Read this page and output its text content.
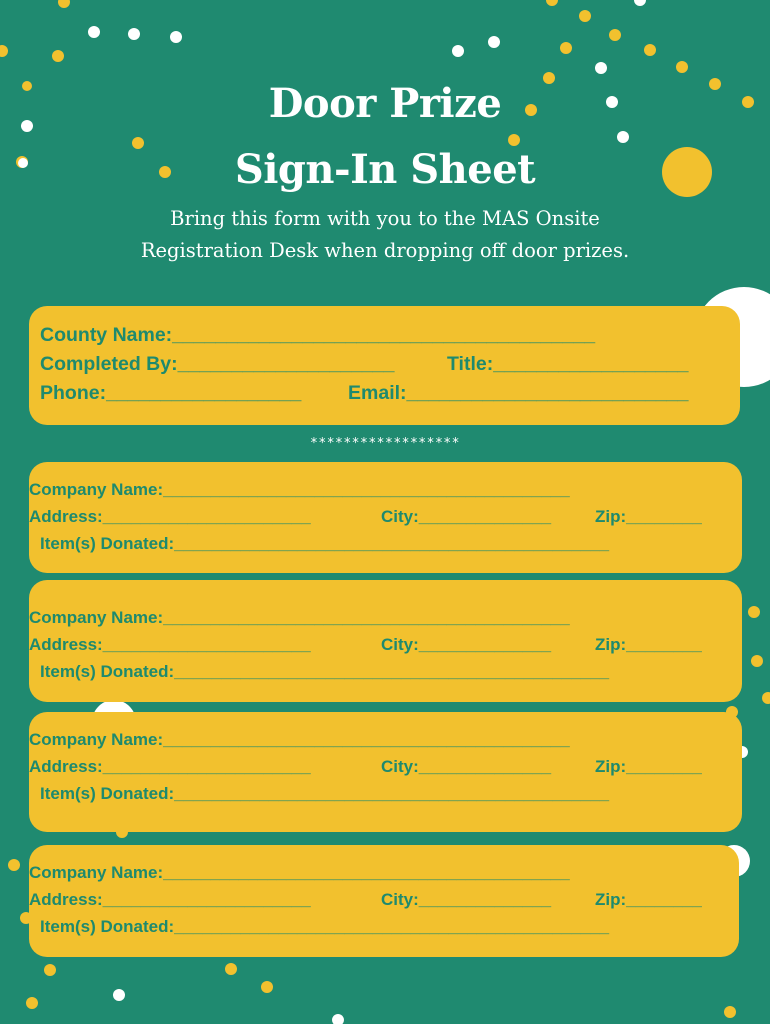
Door Prize
Sign-In Sheet
Bring this form with you to the MAS Onsite Registration Desk when dropping off door prizes.
County Name:_______________________________________
Completed By:____________________	Title:__________________
Phone:__________________	Email:__________________________
******************
Company Name:___________________________________________
Address:______________________	City:______________	Zip:________
Item(s) Donated:______________________________________________
Company Name:___________________________________________
Address:______________________	City:______________	Zip:________
Item(s) Donated:______________________________________________
Company Name:___________________________________________
Address:______________________	City:______________	Zip:________
Item(s) Donated:______________________________________________
Company Name:___________________________________________
Address:______________________	City:______________	Zip:________
Item(s) Donated:______________________________________________
